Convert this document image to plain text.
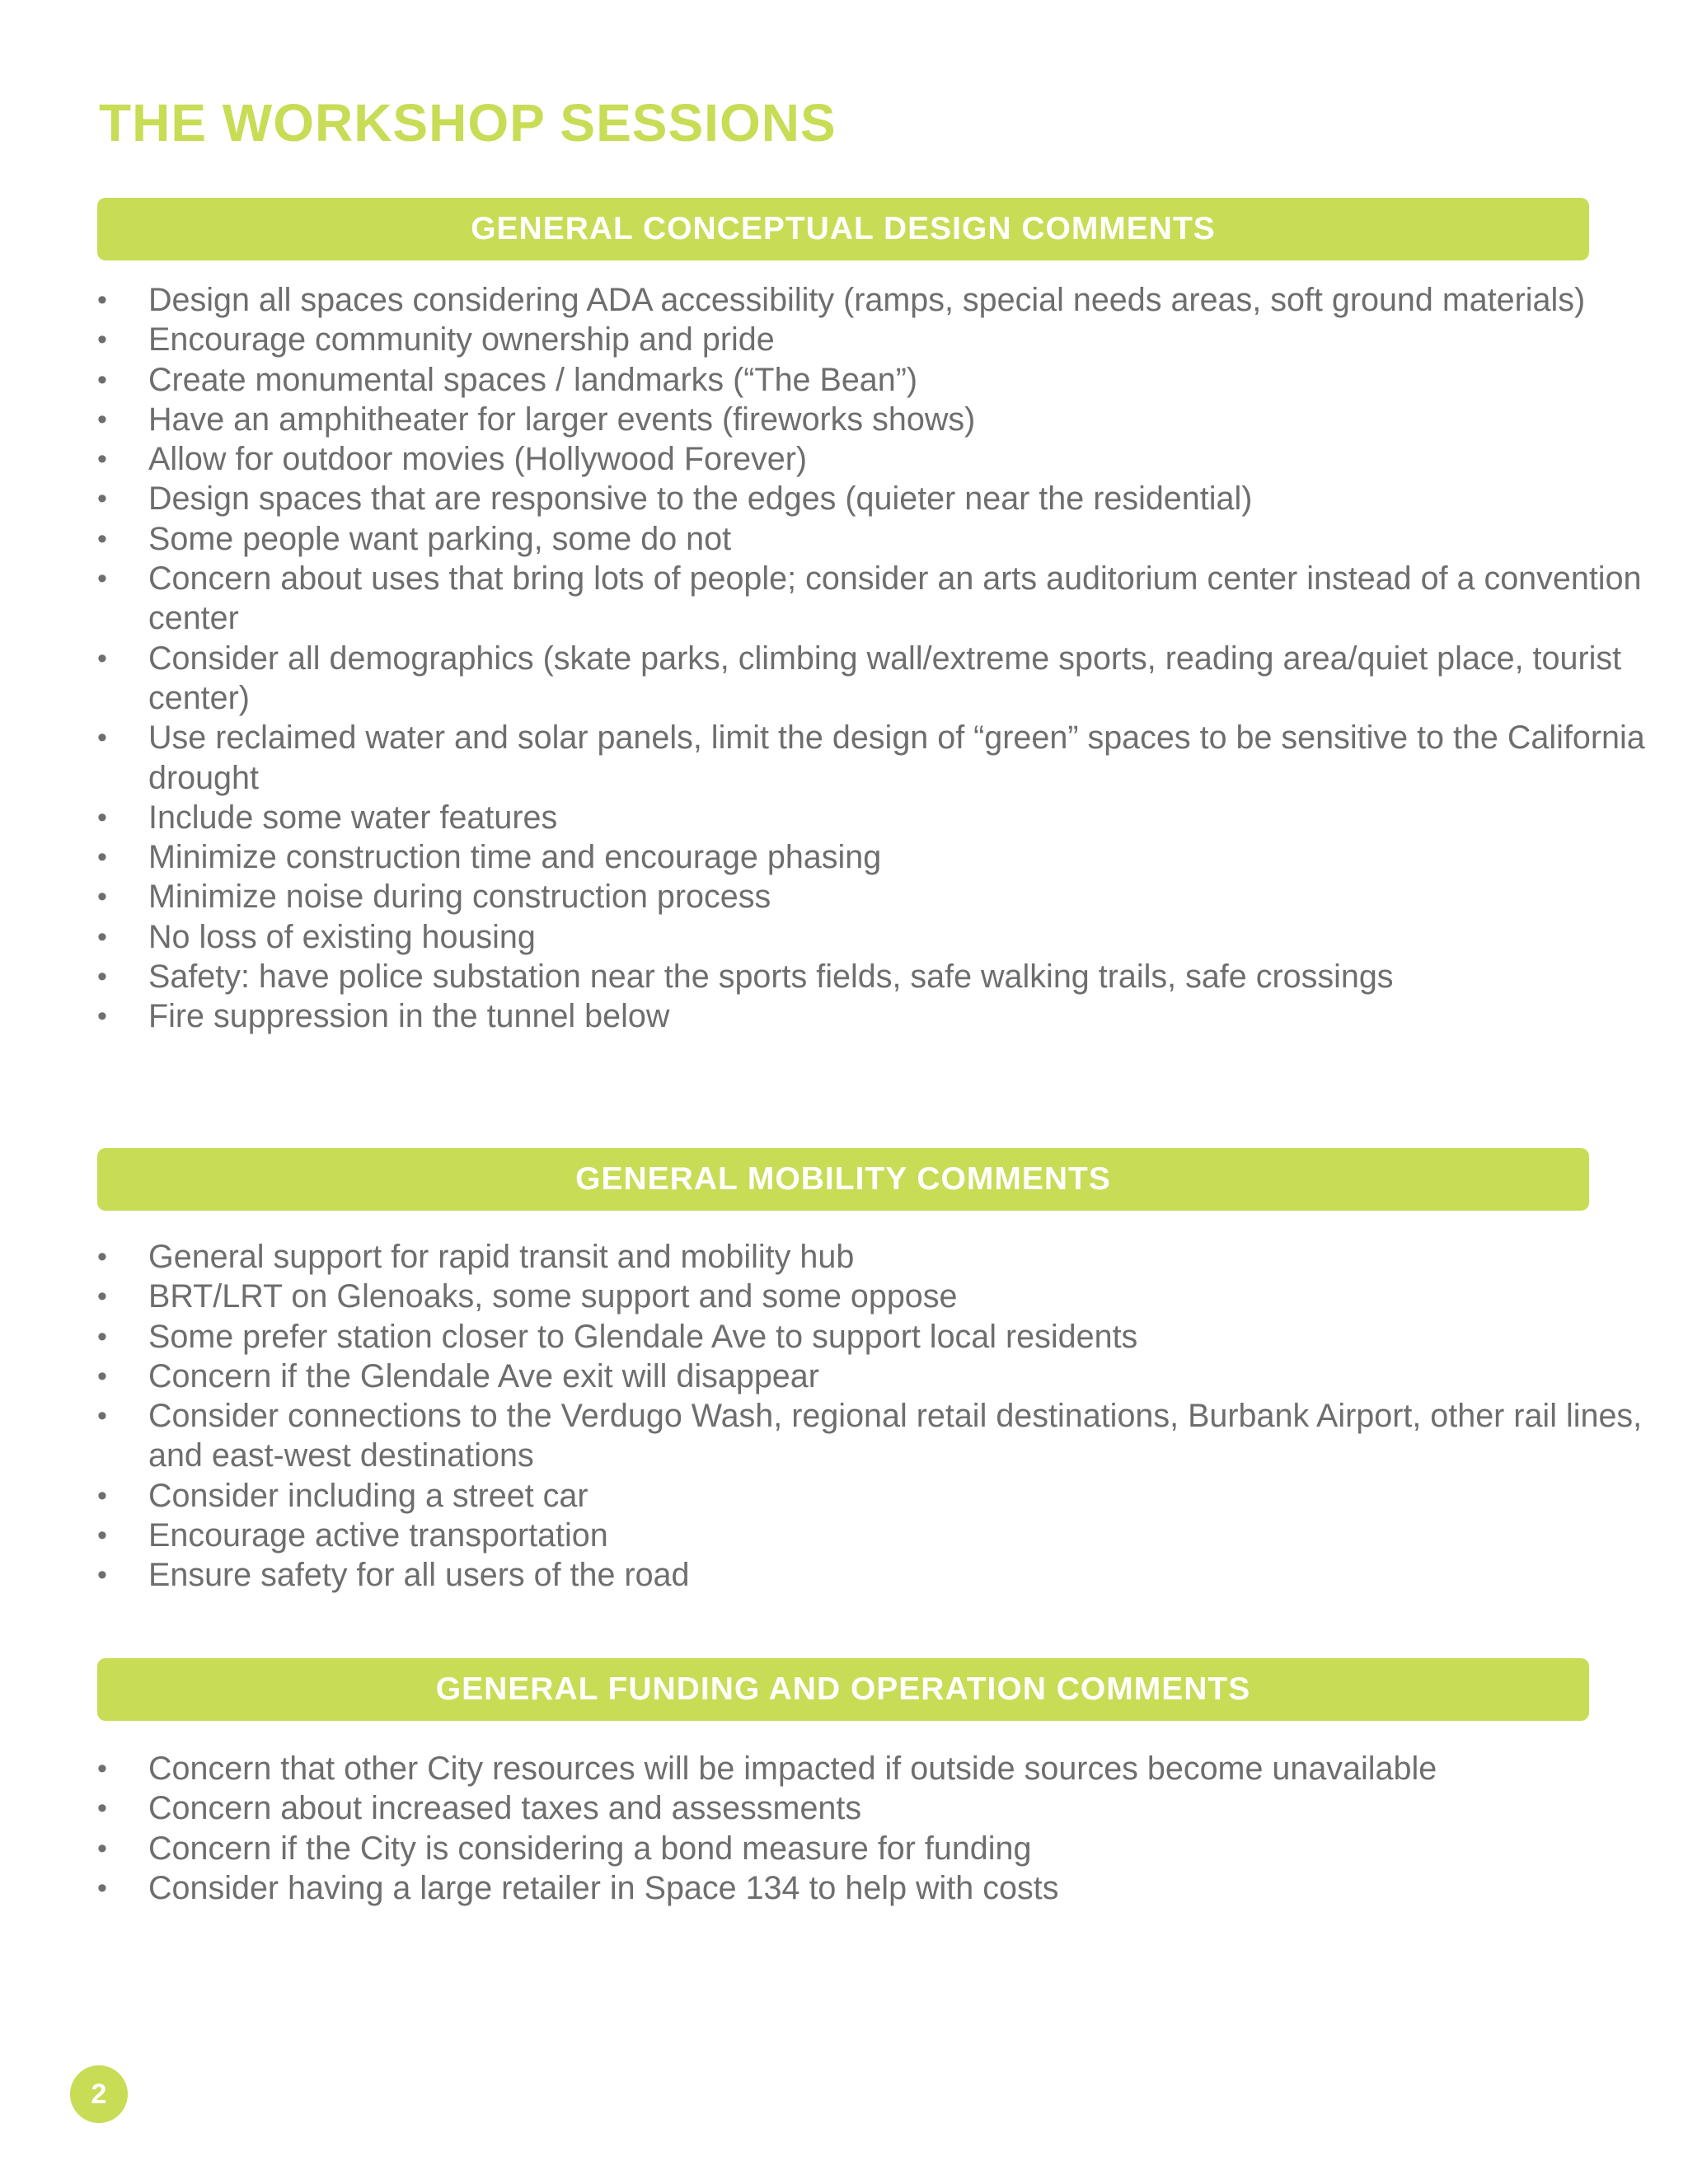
THE WORKSHOP SESSIONS
GENERAL CONCEPTUAL DESIGN COMMENTS
•	Design all spaces considering ADA accessibility (ramps, special needs areas, soft ground materials)
•	Encourage community ownership and pride
•	Create monumental spaces / landmarks (“The Bean”)
•	Have an amphitheater for larger events (fireworks shows)
•	Allow for outdoor movies (Hollywood Forever)
•	Design spaces that are responsive to the edges (quieter near the residential)
•	Some people want parking, some do not
•	Concern about uses that bring lots of people; consider an arts auditorium center instead of a convention center
•	Consider all demographics (skate parks, climbing wall/extreme sports, reading area/quiet place, tourist center)
•	Use reclaimed water and solar panels, limit the design of “green” spaces to be sensitive to the California drought
•	Include some water features
•	Minimize construction time and encourage phasing
•	Minimize noise during construction process
•	No loss of existing housing
•	Safety: have police substation near the sports fields, safe walking trails, safe crossings
•	Fire suppression in the tunnel below
GENERAL MOBILITY COMMENTS
•	General support for rapid transit and mobility hub
•	BRT/LRT on Glenoaks, some support and some oppose
•	Some prefer station closer to Glendale Ave to support local residents
•	Concern if the Glendale Ave exit will disappear
•	Consider connections to the Verdugo Wash, regional retail destinations, Burbank Airport, other rail lines, and east-west destinations
•	Consider including a street car
•	Encourage active transportation
•	Ensure safety for all users of the road
GENERAL FUNDING AND OPERATION COMMENTS
•	Concern that other City resources will be impacted if outside sources become unavailable
•	Concern about increased taxes and assessments
•	Concern if the City is considering a bond measure for funding
•	Consider having a large retailer in Space 134 to help with costs
2
